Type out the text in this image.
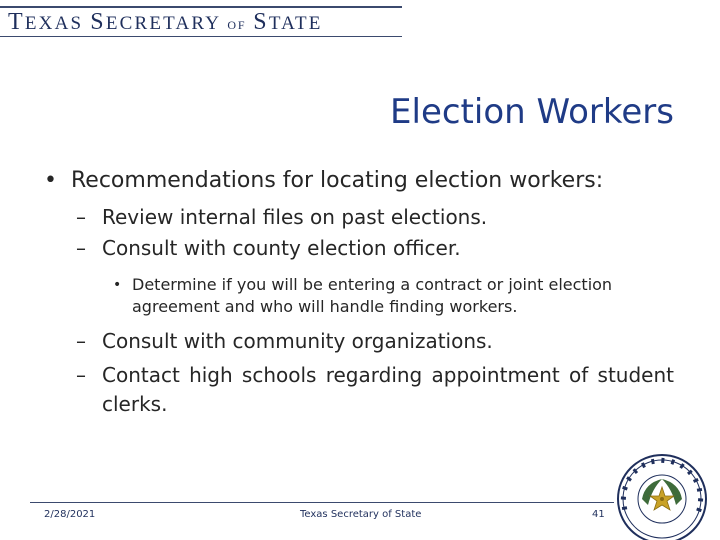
TEXAS SECRETARY OF STATE
Election Workers
• Recommendations for locating election workers:
– Review internal files on past elections.
– Consult with county election officer.
• Determine if you will be entering a contract or joint election agreement and who will handle finding workers.
– Consult with community organizations.
– Contact high schools regarding appointment of student clerks.
2/28/2021	Texas Secretary of State	41
